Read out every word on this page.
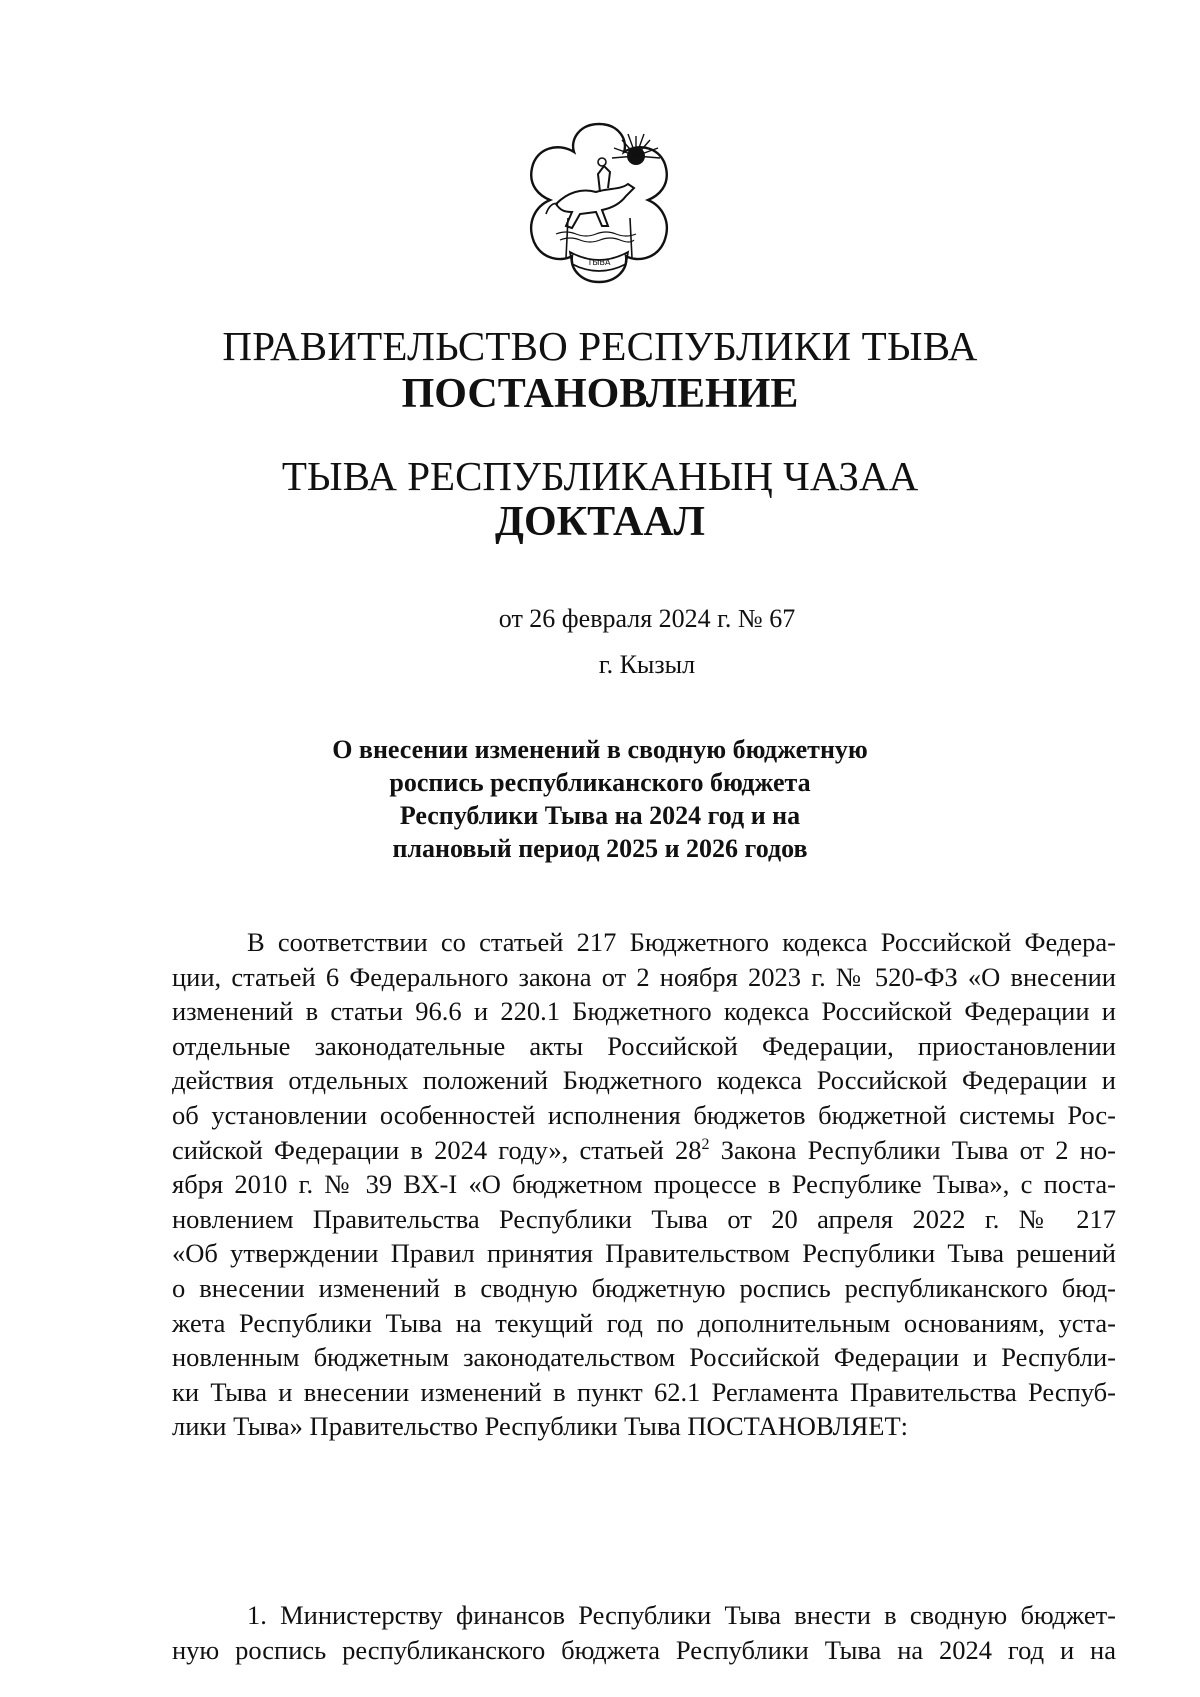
ТЫВА
ПРАВИТЕЛЬСТВО РЕСПУБЛИКИ ТЫВА
ПОСТАНОВЛЕНИЕ
ТЫВА РЕСПУБЛИКАНЫҢ ЧАЗАА
ДОКТААЛ
от 26 февраля 2024 г. № 67
г. Кызыл
О внесении изменений в сводную бюджетную
роспись республиканского бюджета
Республики Тыва на 2024 год и на
плановый период 2025 и 2026 годов
В соответствии со статьей 217 Бюджетного кодекса Российской Федера-
ции, статьей 6 Федерального закона от 2 ноября 2023 г. № 520-ФЗ «О внесении
изменений в статьи 96.6 и 220.1 Бюджетного кодекса Российской Федерации и
отдельные законодательные акты Российской Федерации, приостановлении
действия отдельных положений Бюджетного кодекса Российской Федерации и
об установлении особенностей исполнения бюджетов бюджетной системы Рос-
сийской Федерации в 2024 году», статьей $28^2$ Закона Республики Тыва от 2 но-
ября 2010 г. № 39 ВХ-I «О бюджетном процессе в Республике Тыва», с поста-
новлением Правительства Республики Тыва от 20 апреля 2022 г. № 217
«Об утверждении Правил принятия Правительством Республики Тыва решений
о внесении изменений в сводную бюджетную роспись республиканского бюд-
жета Республики Тыва на текущий год по дополнительным основаниям, уста-
новленным бюджетным законодательством Российской Федерации и Республи-
ки Тыва и внесении изменений в пункт 62.1 Регламента Правительства Респуб-
лики Тыва» Правительство Республики Тыва ПОСТАНОВЛЯЕТ:
1. Министерству финансов Республики Тыва внести в сводную бюджет-
ную роспись республиканского бюджета Республики Тыва на 2024 год и на
